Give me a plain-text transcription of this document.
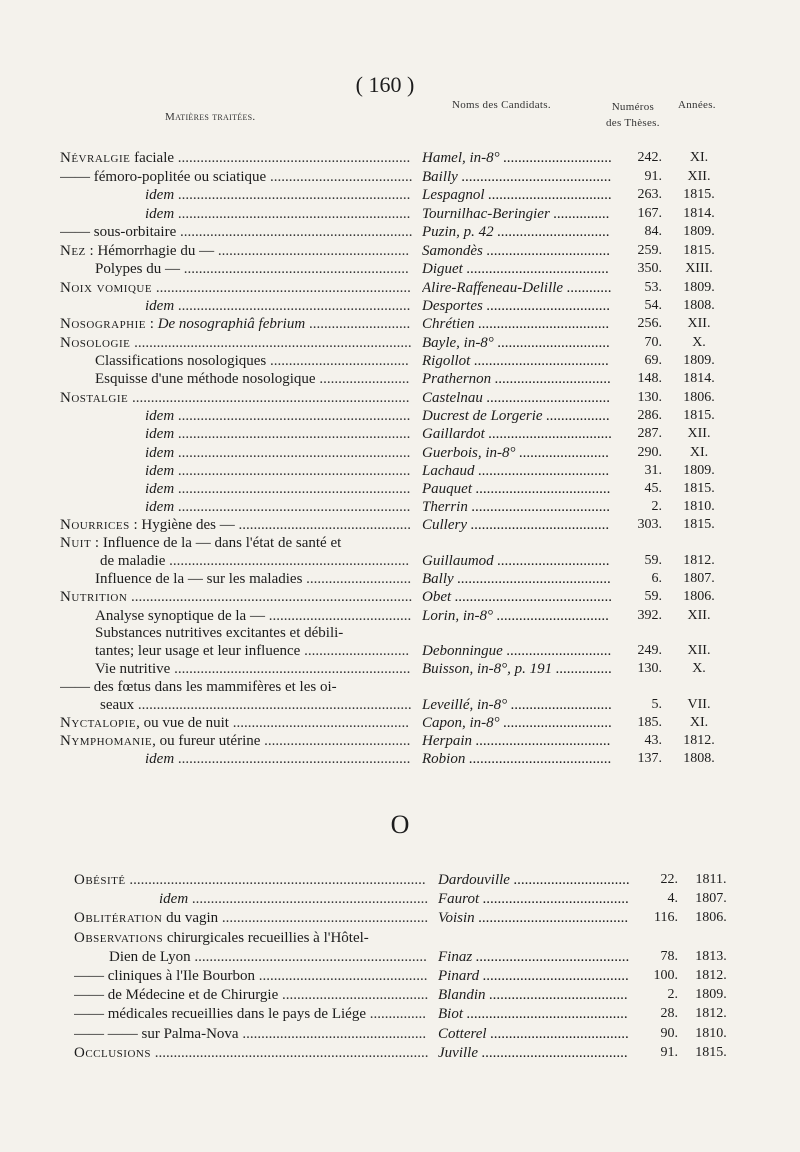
( 160 )
Matières traitées.
Noms des Candidats.	Numéros
des Thèses.
Années.
Névralgie faciale .............................................................. Hamel, in-8° .............................	242.	XI.
—— fémoro-poplitée ou sciatique ...................................... Bailly ........................................	91.	XII.
idem .............................................................. Lespagnol .................................	263.	1815.
idem .............................................................. Tournilhac-Beringier ...............	167.	1814.
—— sous-orbitaire .............................................................. Puzin, p. 42 ..............................	84.	1809.
Nez : Hémorrhagie du — ................................................... Samondès .................................	259.	1815.
Polypes du — ............................................................ Diguet ......................................	350.	XIII.
Noix vomique .................................................................... Alire-Raffeneau-Delille ............	53.	1809.
idem .............................................................. Desportes .................................	54.	1808.
Nosographie : De nosographiâ febrium ........................... Chrétien ...................................	256.	XII.
Nosologie .......................................................................... Bayle, in-8° ..............................	70.	X.
Classifications nosologiques ..................................... Rigollot ....................................	69.	1809.
Esquisse d'une méthode nosologique ........................ Prathernon ...............................	148.	1814.
Nostalgie .......................................................................... Castelnau .................................	130.	1806.
idem .............................................................. Ducrest de Lorgerie .................	286.	1815.
idem .............................................................. Gaillardot .................................	287.	XII.
idem .............................................................. Guerbois, in-8° ........................	290.	XI.
idem .............................................................. Lachaud ...................................	31.	1809.
idem .............................................................. Pauquet ....................................	45.	1815.
idem .............................................................. Therrin .....................................	2.	1810.
Nourrices : Hygiène des — .............................................. Cullery .....................................	303.	1815.
Nuit : Influence de la — dans l'état de santé et
de maladie ................................................................ Guillaumod ..............................	59.	1812.
Influence de la — sur les maladies ............................ Bally .........................................	6.	1807.
Nutrition ........................................................................... Obet ..........................................	59.	1806.
Analyse synoptique de la — ...................................... Lorin, in-8° ..............................	392.	XII.
Substances nutritives excitantes et débili-
tantes; leur usage et leur influence ............................ Debonningue ............................	249.	XII.
Vie nutritive ............................................................... Buisson, in-8°, p. 191 ...............	130.	X.
—— des fœtus dans les mammifères et les oi-
seaux ......................................................................... Leveillé, in-8° ...........................	5.	VII.
Nyctalopie, ou vue de nuit ............................................... Capon, in-8° .............................	185.	XI.
Nymphomanie, ou fureur utérine ....................................... Herpain ....................................	43.	1812.
idem .............................................................. Robion ......................................	137.	1808.
O
Obésité ............................................................................... Dardouville ...............................	22.	1811.
idem ............................................................... Faurot .......................................	4.	1807.
Oblitération du vagin ....................................................... Voisin ........................................	116.	1806.
Observations chirurgicales recueillies à l'Hôtel-
Dien de Lyon .............................................................. Finaz .........................................	78.	1813.
—— cliniques à l'Ile Bourbon ............................................. Pinard .......................................	100.	1812.
—— de Médecine et de Chirurgie ....................................... Blandin .....................................	2.	1809.
—— médicales recueillies dans le pays de Liége ............... Biot ...........................................	28.	1812.
—— —— sur Palma-Nova ................................................. Cotterel .....................................	90.	1810.
Occlusions ......................................................................... Juville .......................................	91.	1815.
